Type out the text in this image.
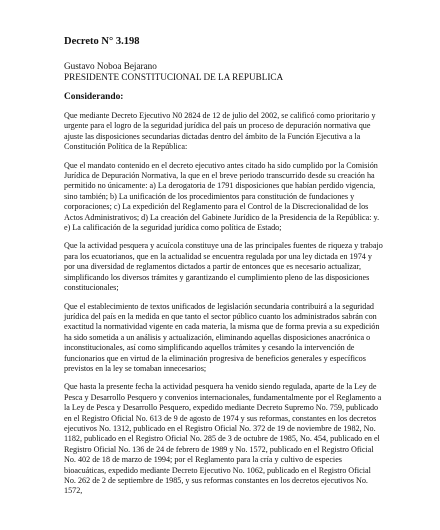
Decreto N° 3.198
Gustavo Noboa Bejarano
PRESIDENTE CONSTITUCIONAL DE LA REPUBLICA
Considerando:

Que mediante Decreto Ejecutivo N0 2824 de 12 de julio del 2002, se calificó como prioritario y urgente para el logro de la seguridad jurídica del país un proceso de depuración normativa que ajuste las disposiciones secundarias dictadas dentro del ámbito de la Función Ejecutiva a la Constitución Política de la República:

Que el mandato contenido en el decreto ejecutivo antes citado ha sido cumplido por la Comisión Jurídica de Depuración Normativa, la que en el breve periodo transcurrido desde su creación ha permitido no únicamente: a) La derogatoria de 1791 disposiciones que habían perdido vigencia, sino también; b) La unificación de los procedimientos para constitución de fundaciones y corporaciones; c) La expedición del Reglamento para el Control de la Discrecionalidad de los Actos Administrativos; d) La creación del Gabinete Jurídico de la Presidencia de la República: y. e) La calificación de la seguridad jurídica como política de Estado;

Que la actividad pesquera y acuícola constituye una de las principales fuentes de riqueza y trabajo para los ecuatorianos, que en la actualidad se encuentra regulada por una ley dictada en 1974 y por una diversidad de reglamentos dictados a partir de entonces que es necesario actualizar, simplificando los diversos trámites y garantizando el cumplimiento pleno de las disposiciones constitucionales;

Que el establecimiento de textos unificados de legislación secundaria contribuirá a la seguridad jurídica del país en la medida en que tanto el sector público cuanto los administrados sabrán con exactitud la normatividad vigente en cada materia, la misma que de forma previa a su expedición ha sido sometida a un análisis y actualización, eliminando aquellas disposiciones anacrónica o inconstitucionales, así como simplificando aquellos trámites y cesando la intervención de funcionarios que en virtud de la eliminación progresiva de beneficios generales y específicos previstos en la ley se tomaban innecesarios;

Que hasta la presente fecha la actividad pesquera ha venido siendo regulada, aparte de la Ley de Pesca y Desarrollo Pesquero y convenios internacionales, fundamentalmente por el Reglamento a la Ley de Pesca y Desarrollo Pesquero, expedido mediante Decreto Supremo No. 759, publicado en el Registro Oficial No. 613 de 9 de agosto de 1974 y sus reformas, constantes en los decretos ejecutivos No. 1312, publicado en el Registro Oficial No. 372 de 19 de noviembre de 1982, No. 1182, publicado en el Registro Oficial No. 285 de 3 de octubre de 1985, No. 454, publicado en el Registro Oficial No. 136 de 24 de febrero de 1989 y No. 1572, publicado en el Registro Oficial No. 402 de 18 de marzo de 1994; por el Reglamento para la cría y cultivo de especies bioacuáticas, expedido mediante Decreto Ejecutivo No. 1062, publicado en el Registro Oficial No. 262 de 2 de septiembre de 1985, y sus reformas constantes en los decretos ejecutivos No. 1572,
